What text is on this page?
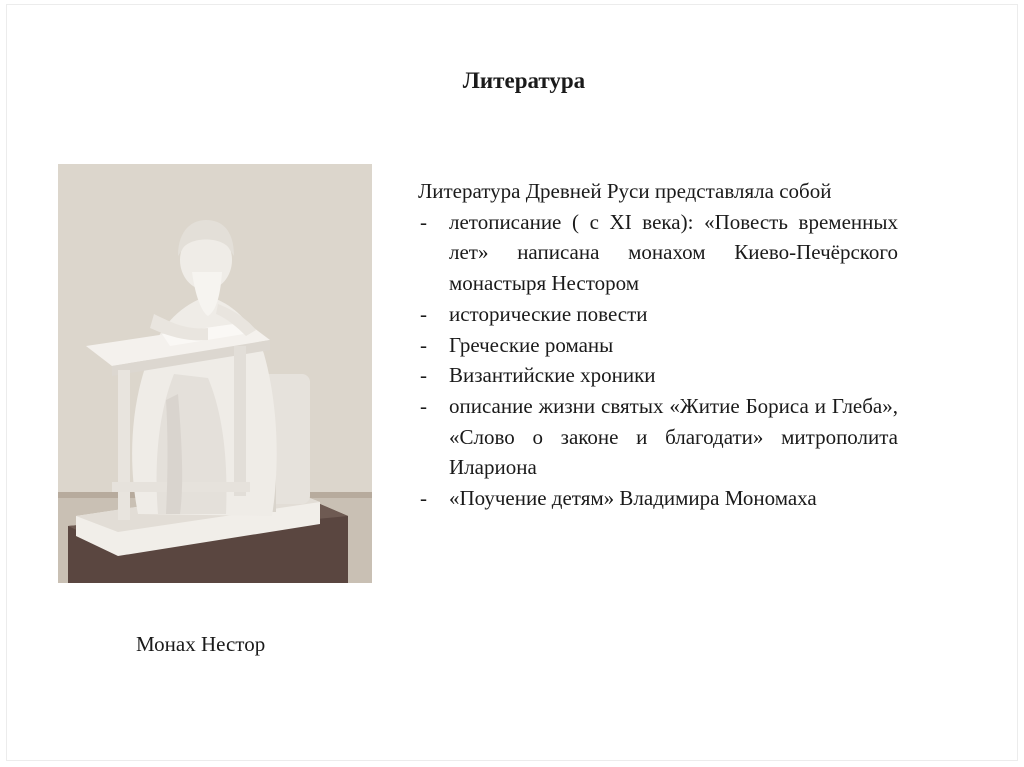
Литература
Монах Нестор

Литература Древней Руси представляла собой

- летописание ( с XI века): «Повесть временных лет» написана монахом Киево-Печёрского монастыря Нестором
- исторические повести
- Греческие романы
- Византийские хроники
- описание жизни святых «Житие Бориса и Глеба», «Слово о законе и благодати» митрополита Илариона
- «Поучение детям» Владимира Мономаха
